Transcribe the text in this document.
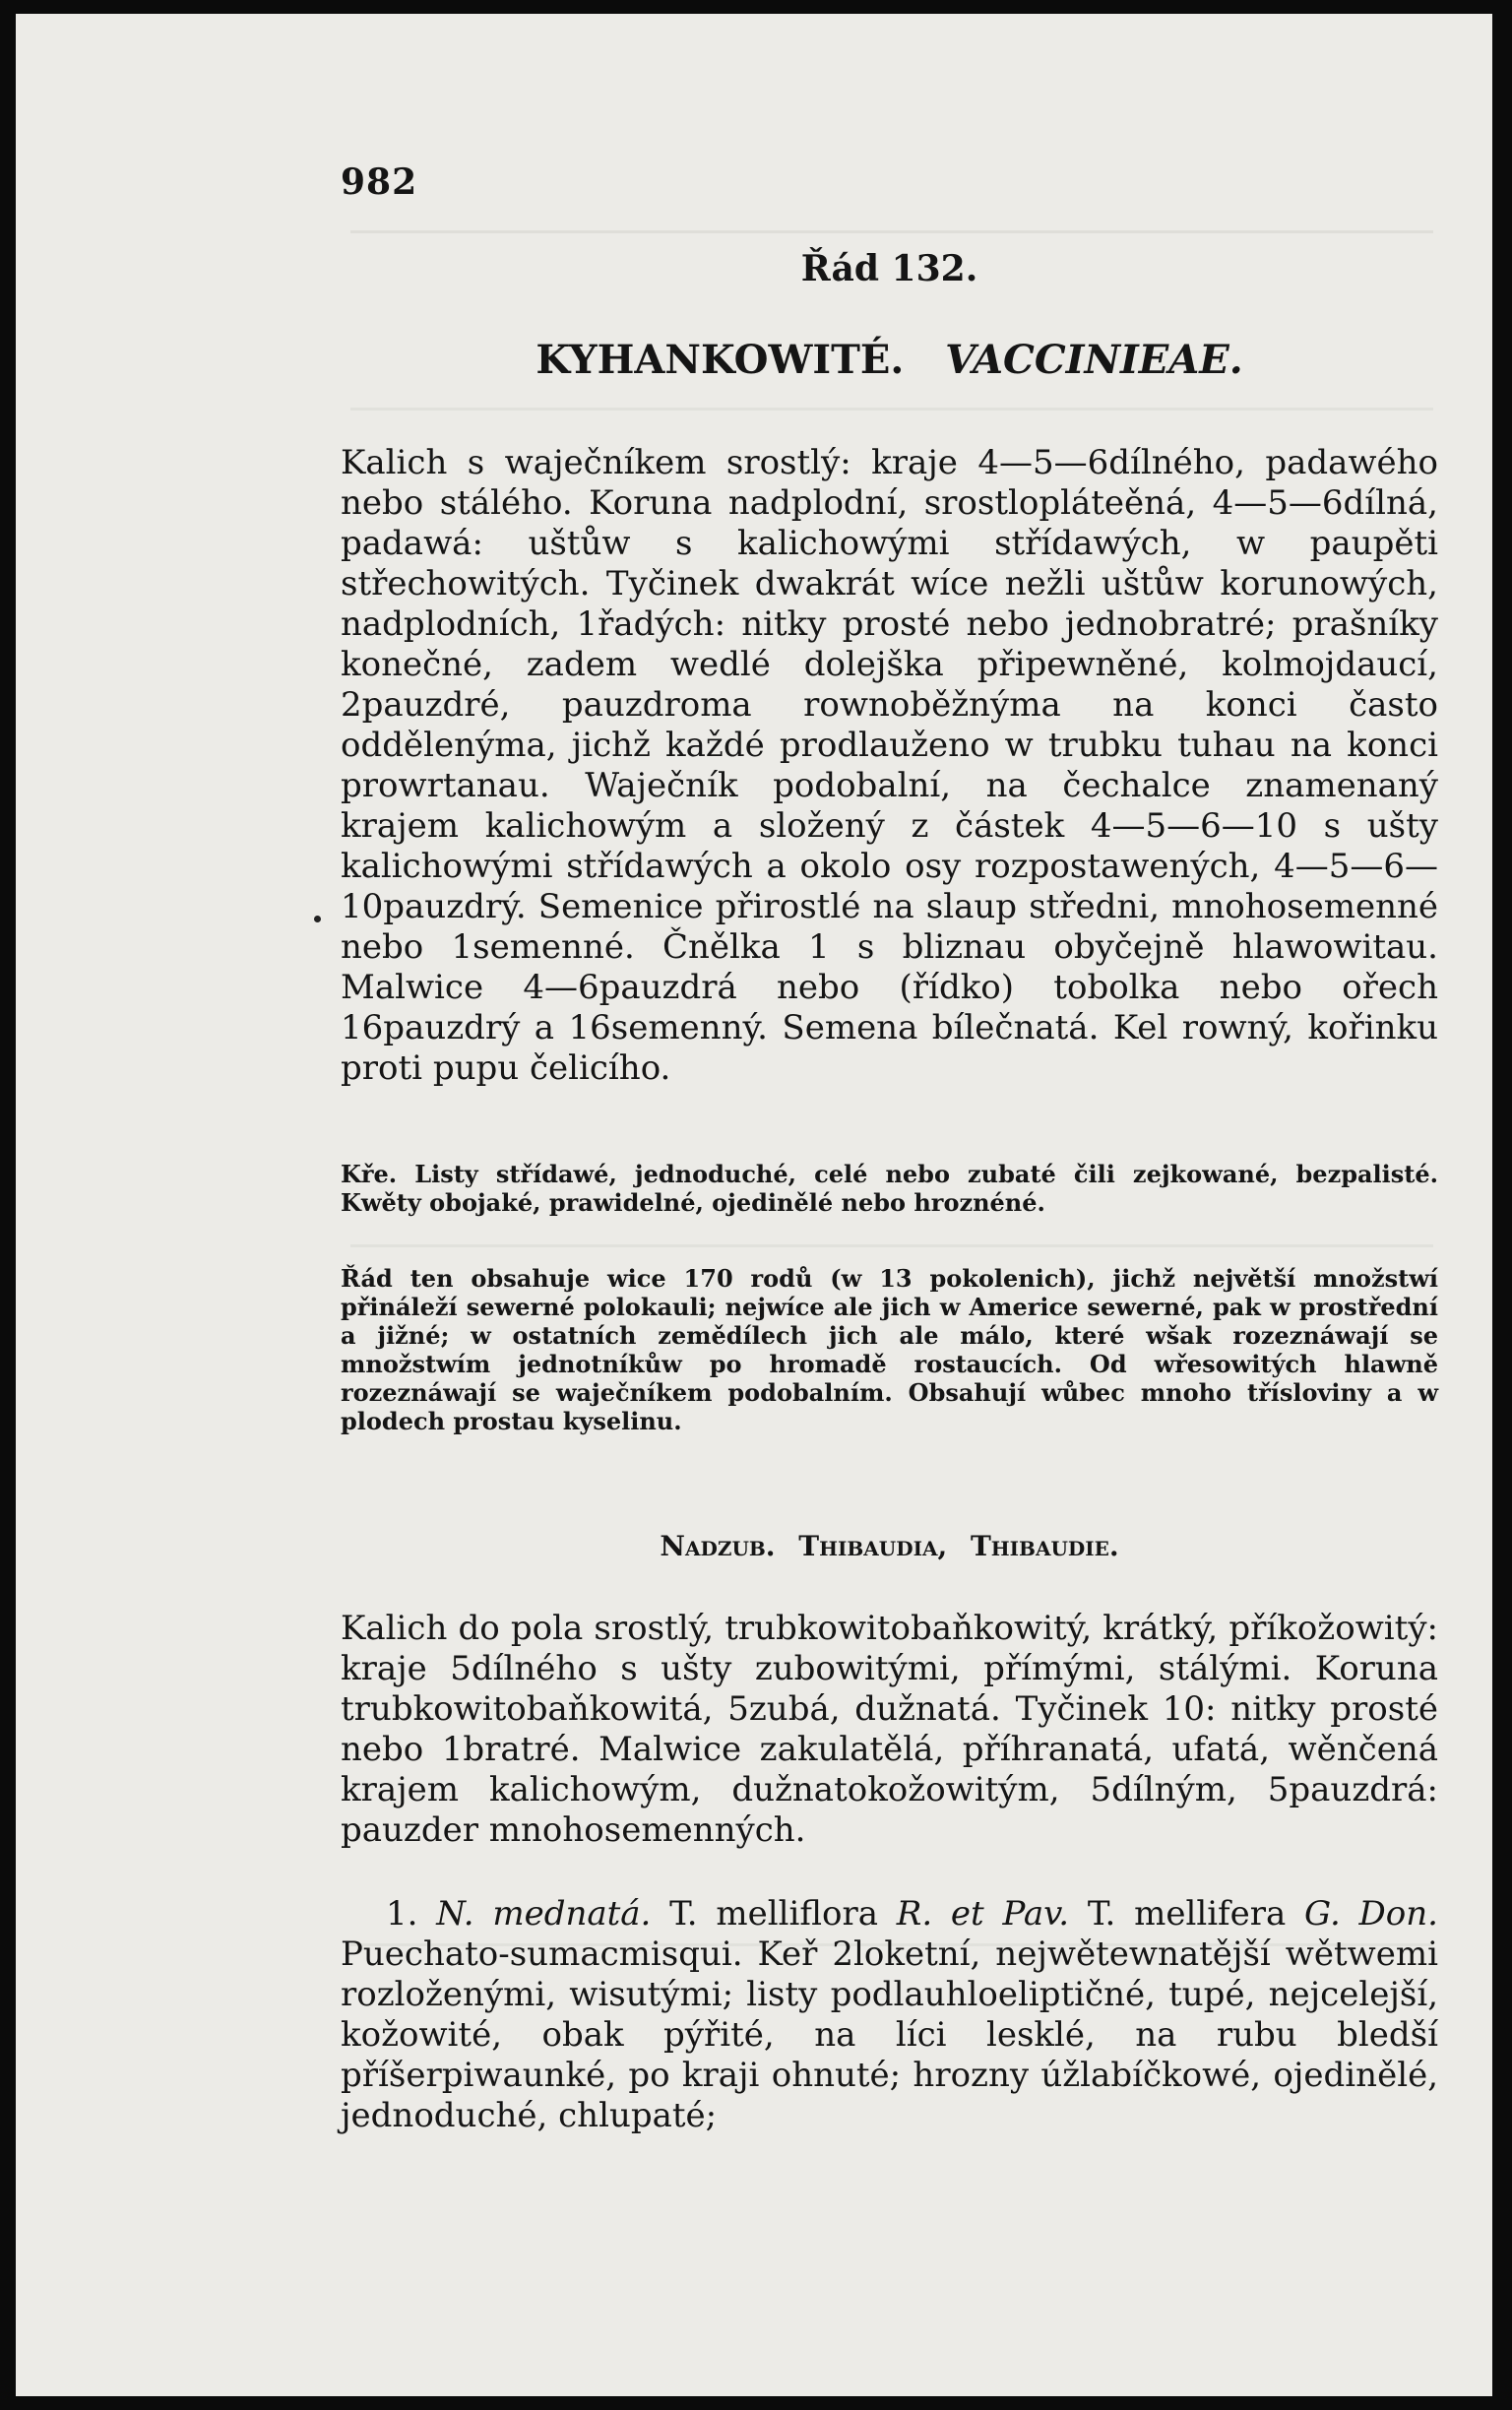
982
Řád 132.
KYHANKOWITÉ. VACCINIEAE.
Kalich s waječníkem srostlý: kraje 4—5—6dílného, padawého nebo stálého. Koruna nadplodní, srostlopláteěná, 4—5—6dílná, padawá: uštůw s kalichowými střídawých, w paupěti střechowitých. Tyčinek dwakrát wíce nežli uštůw korunowých, nadplodních, 1řadých: nitky prosté nebo jednobratré; prašníky konečné, zadem wedlé dolejška připewněné, kolmojdaucí, 2pauzdré, pauzdroma rownoběžnýma na konci často oddělenýma, jichž každé prodlauženo w trubku tuhau na konci prowrtanau. Waječník podobalní, na čechalce znamenaný krajem kalichowým a složený z částek 4—5—6—10 s ušty kalichowými střídawých a okolo osy rozpostawených, 4—5—6—10pauzdrý. Semenice přirostlé na slaup středni, mnohosemenné nebo 1semenné. Čnělka 1 s bliznau obyčejně hlawowitau. Malwice 4—6pauzdrá nebo (řídko) tobolka nebo ořech 16pauzdrý a 16semenný. Semena bílečnatá. Kel rowný, kořinku proti pupu čelicího.
Kře. Listy střídawé, jednoduché, celé nebo zubaté čili zejkowané, bezpalisté. Kwěty obojaké, prawidelné, ojedinělé nebo hroznéné.
Řád ten obsahuje wice 170 rodů (w 13 pokolenich), jichž největší množstwí přináleží sewerné polokauli; nejwíce ale jich w Americe sewerné, pak w prostřední a jižné; w ostatních zemědílech jich ale málo, které wšak rozeznáwají se množstwím jednotníkůw po hromadě rostaucích. Od wřesowitých hlawně rozeznáwají se waječníkem podobalním. Obsahují wůbec mnoho třísloviny a w plodech prostau kyselinu.
Nadzub. Thibaudia, Thibaudie.
Kalich do pola srostlý, trubkowitobaňkowitý, krátký, příkožowitý: kraje 5dílného s ušty zubowitými, přímými, stálými. Koruna trubkowitobaňkowitá, 5zubá, dužnatá. Tyčinek 10: nitky prosté nebo 1bratré. Malwice zakulatělá, příhranatá, ufatá, wěnčená krajem kalichowým, dužnatokožowitým, 5dílným, 5pauzdrá: pauzder mnohosemenných.
1. N. mednatá. T. melliflora R. et Pav. T. mellifera G. Don. Puechato-sumacmisqui. Keř 2loketní, nejwětewnatější wětwemi rozloženými, wisutými; listy podlauhloeliptičné, tupé, nejcelejší, kožowité, obak pýřité, na líci lesklé, na rubu bledší příšerpiwaunké, po kraji ohnuté; hrozny úžlabíčkowé, ojedinělé, jednoduché, chlupaté;
